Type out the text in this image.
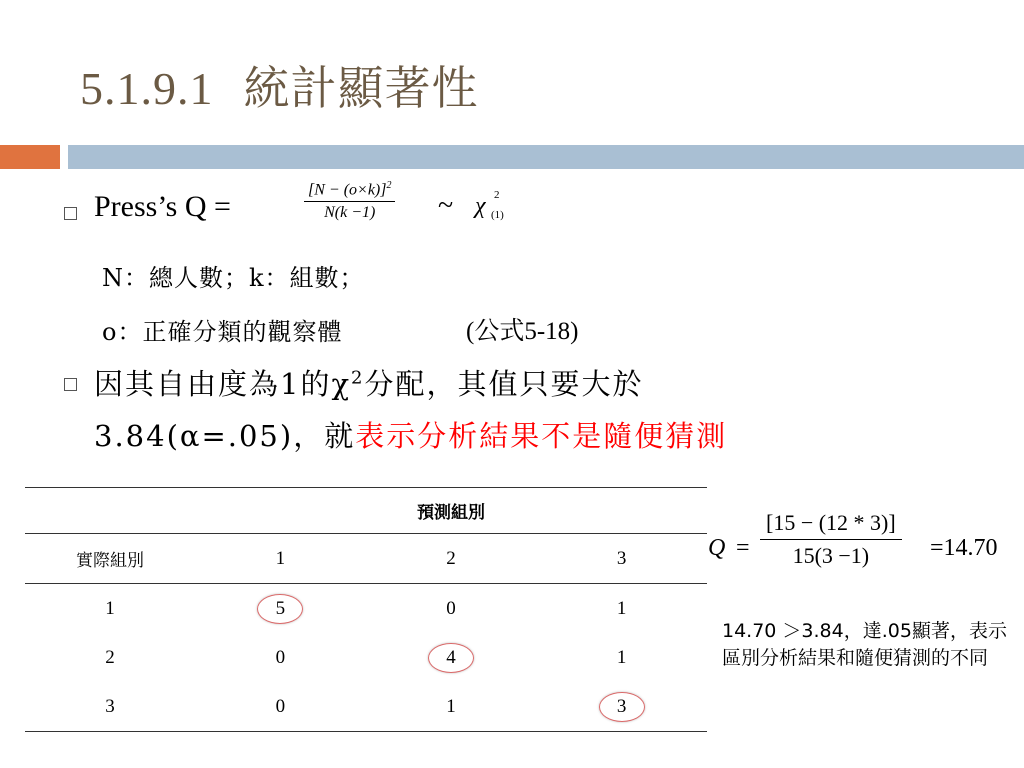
5.1.9.1 統計顯著性
Press’s Q =	$\frac{[N - (o\times k)]^2}{N(k -1)}$ ~ χ 2
(1)
N：總人數；k：組數；
o：正確分類的觀察體	(公式5-18)
因其自由度為1的$\chi^2$分配，其值只要大於
3.84(α=.05)，就表示分析結果不是隨便猜測
	預測組別		
實際組別	1	2	3
1	5	0	1
2	0	4	1
3	0	1	3
$Q = \frac{[15 - (12 * 3)]}{15(3 -1)} =14.70$
14.70 ＞3.84，達.05顯著，表示區別分析結果和隨便猜測的不同
